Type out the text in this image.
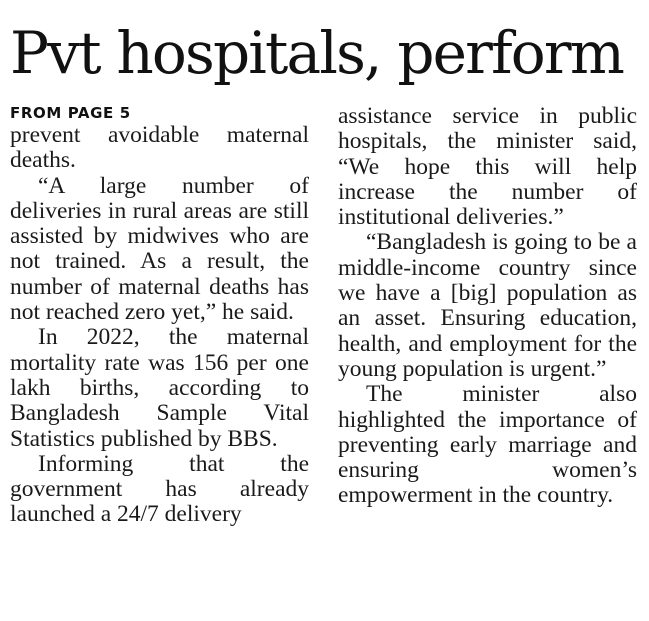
Pvt hospitals, perform
FROM PAGE 5

prevent avoidable maternal deaths.

“A large number of deliveries in rural areas are still assisted by midwives who are not trained. As a result, the number of maternal deaths has not reached zero yet,” he said.

In 2022, the maternal mortality rate was 156 per one lakh births, according to Bangladesh Sample Vital Statistics published by BBS.

Informing that the government has already launched a 24/7 delivery

assistance service in public hospitals, the minister said, “We hope this will help increase the number of institutional deliveries.”

“Bangladesh is going to be a middle-income country since we have a [big] population as an asset. Ensuring education, health, and employment for the young population is urgent.”

The minister also highlighted the importance of preventing early marriage and ensuring women’s empowerment in the country.
